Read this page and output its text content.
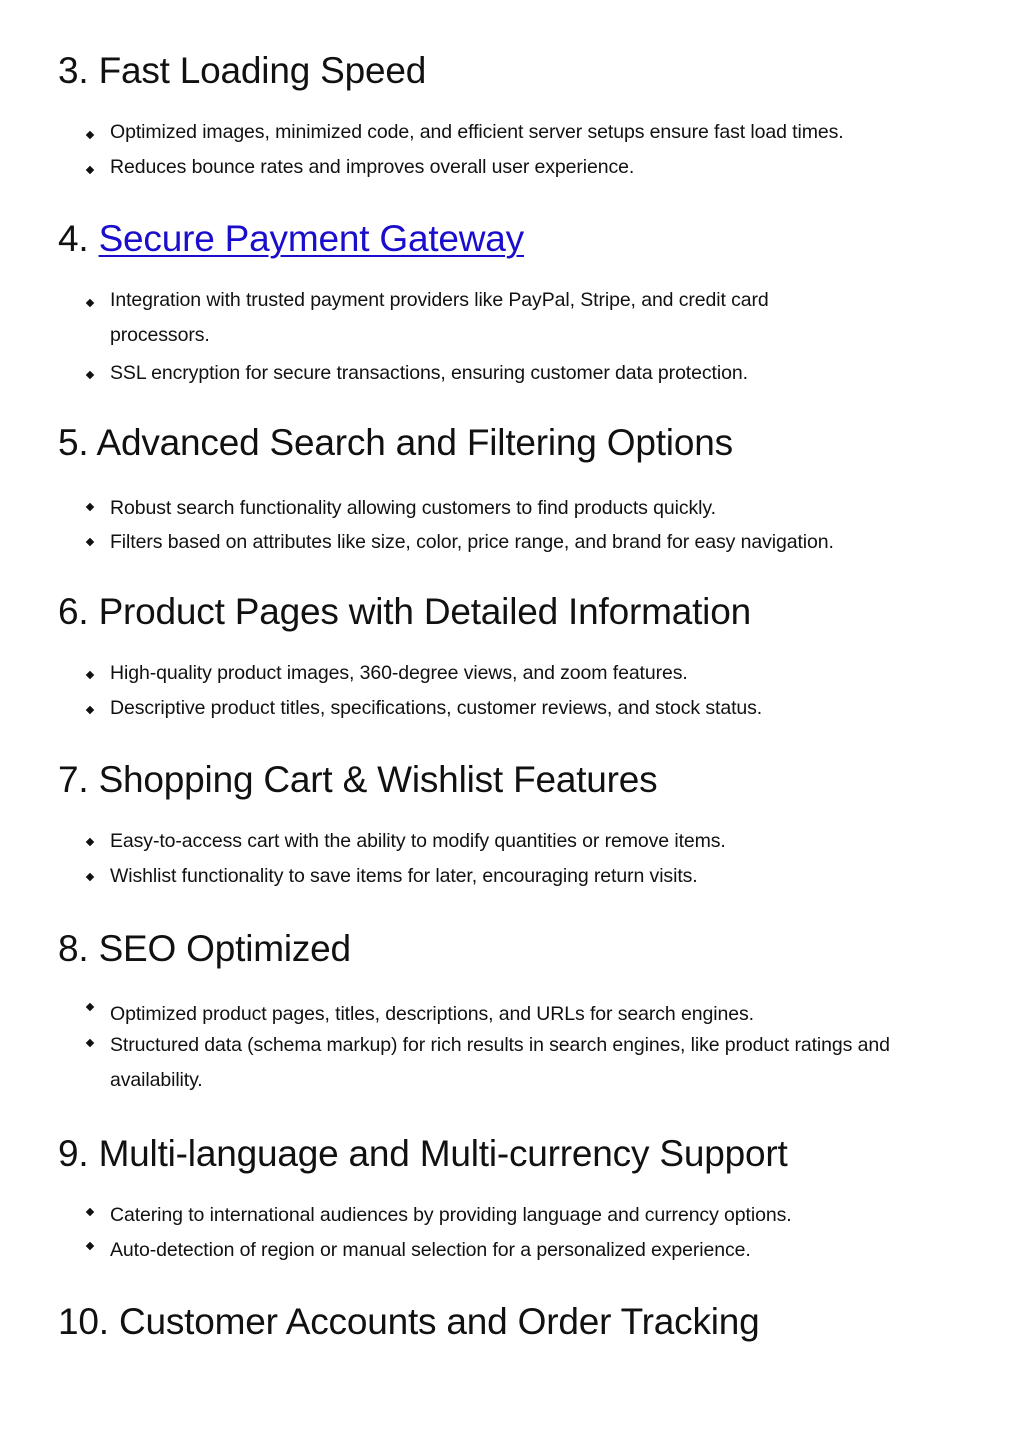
3. Fast Loading Speed
Optimized images, minimized code, and efficient server setups ensure fast load times.
Reduces bounce rates and improves overall user experience.
4. Secure Payment Gateway
Integration with trusted payment providers like PayPal, Stripe, and credit card processors.
SSL encryption for secure transactions, ensuring customer data protection.
5. Advanced Search and Filtering Options
Robust search functionality allowing customers to find products quickly.
Filters based on attributes like size, color, price range, and brand for easy navigation.
6. Product Pages with Detailed Information
High-quality product images, 360-degree views, and zoom features.
Descriptive product titles, specifications, customer reviews, and stock status.
7. Shopping Cart & Wishlist Features
Easy-to-access cart with the ability to modify quantities or remove items.
Wishlist functionality to save items for later, encouraging return visits.
8. SEO Optimized
Optimized product pages, titles, descriptions, and URLs for search engines.
Structured data (schema markup) for rich results in search engines, like product ratings and availability.
9. Multi-language and Multi-currency Support
Catering to international audiences by providing language and currency options.
Auto-detection of region or manual selection for a personalized experience.
10. Customer Accounts and Order Tracking
